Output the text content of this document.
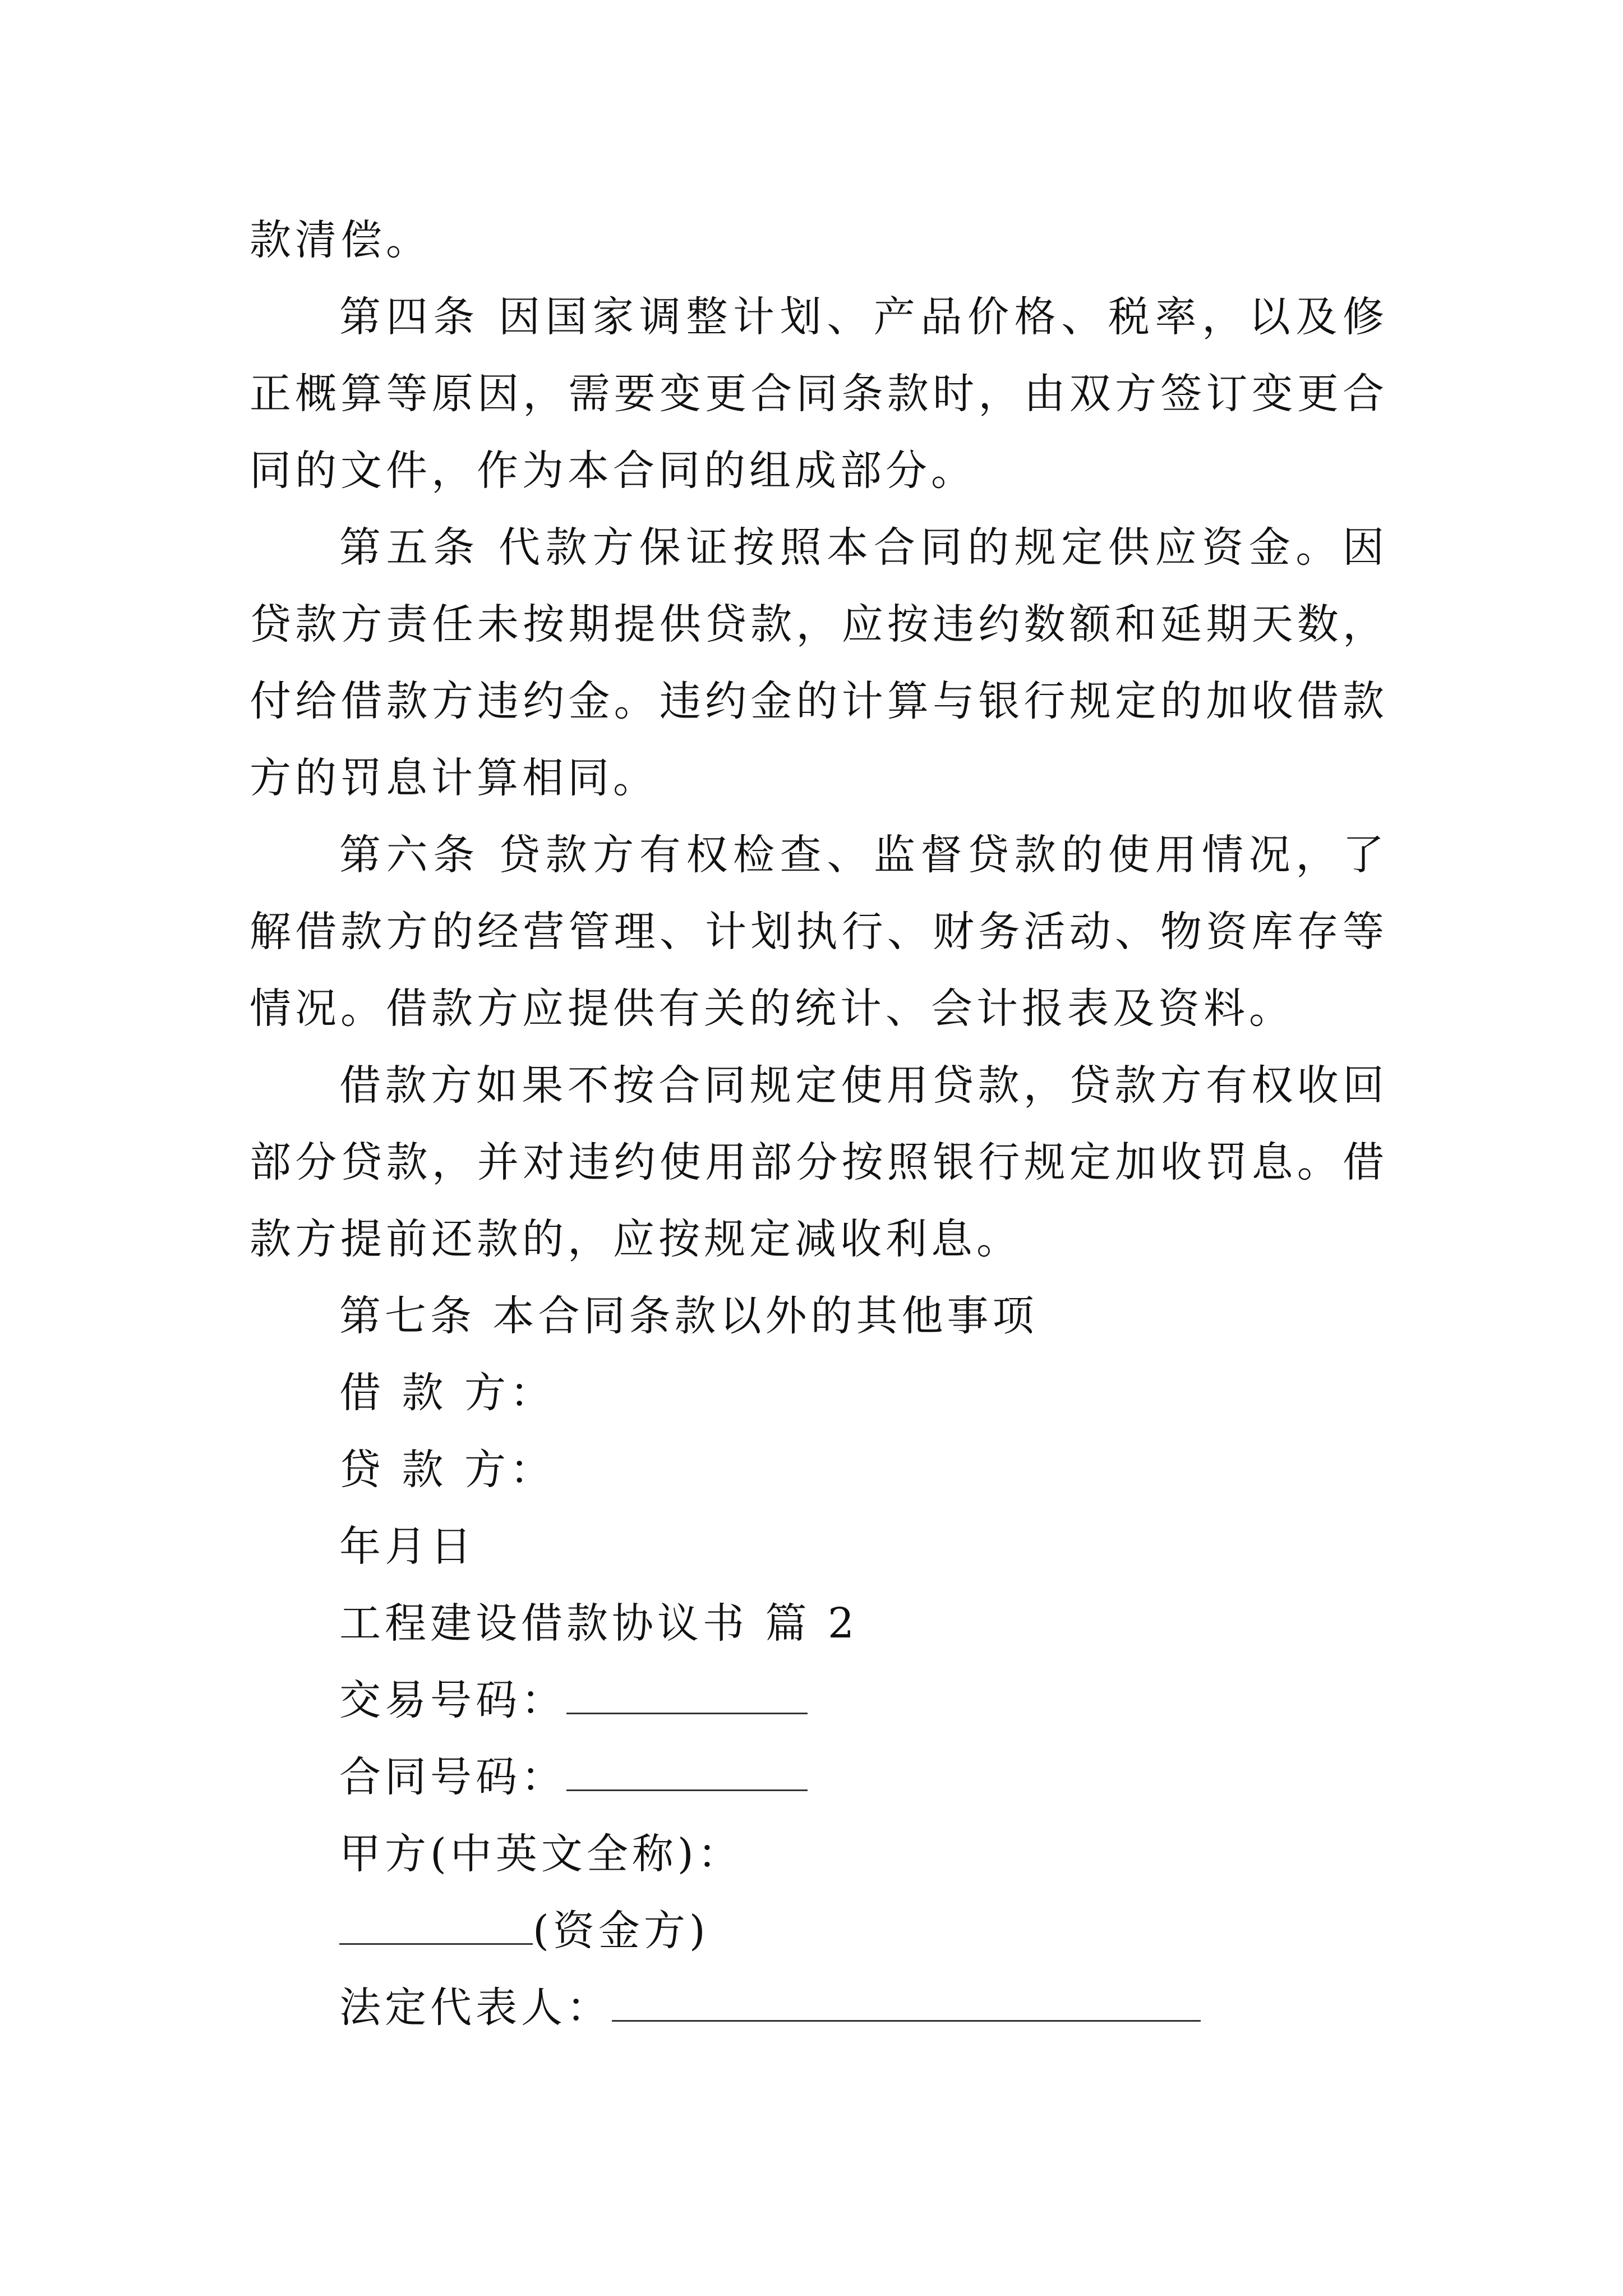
款清偿。

第四条 因国家调整计划、产品价格、税率，以及修正概算等原因，需要变更合同条款时，由双方签订变更合同的文件，作为本合同的组成部分。

第五条 代款方保证按照本合同的规定供应资金。因贷款方责任未按期提供贷款，应按违约数额和延期天数，付给借款方违约金。违约金的计算与银行规定的加收借款方的罚息计算相同。

第六条 贷款方有权检查、监督贷款的使用情况，了解借款方的经营管理、计划执行、财务活动、物资库存等情况。借款方应提供有关的统计、会计报表及资料。

借款方如果不按合同规定使用贷款，贷款方有权收回部分贷款，并对违约使用部分按照银行规定加收罚息。借款方提前还款的，应按规定减收利息。

第七条 本合同条款以外的其他事项

借 款 方：

贷 款 方：

年月日

工程建设借款协议书 篇 2

交易号码：

合同号码：

甲方(中英文全称)：

(资金方)

法定代表人：
